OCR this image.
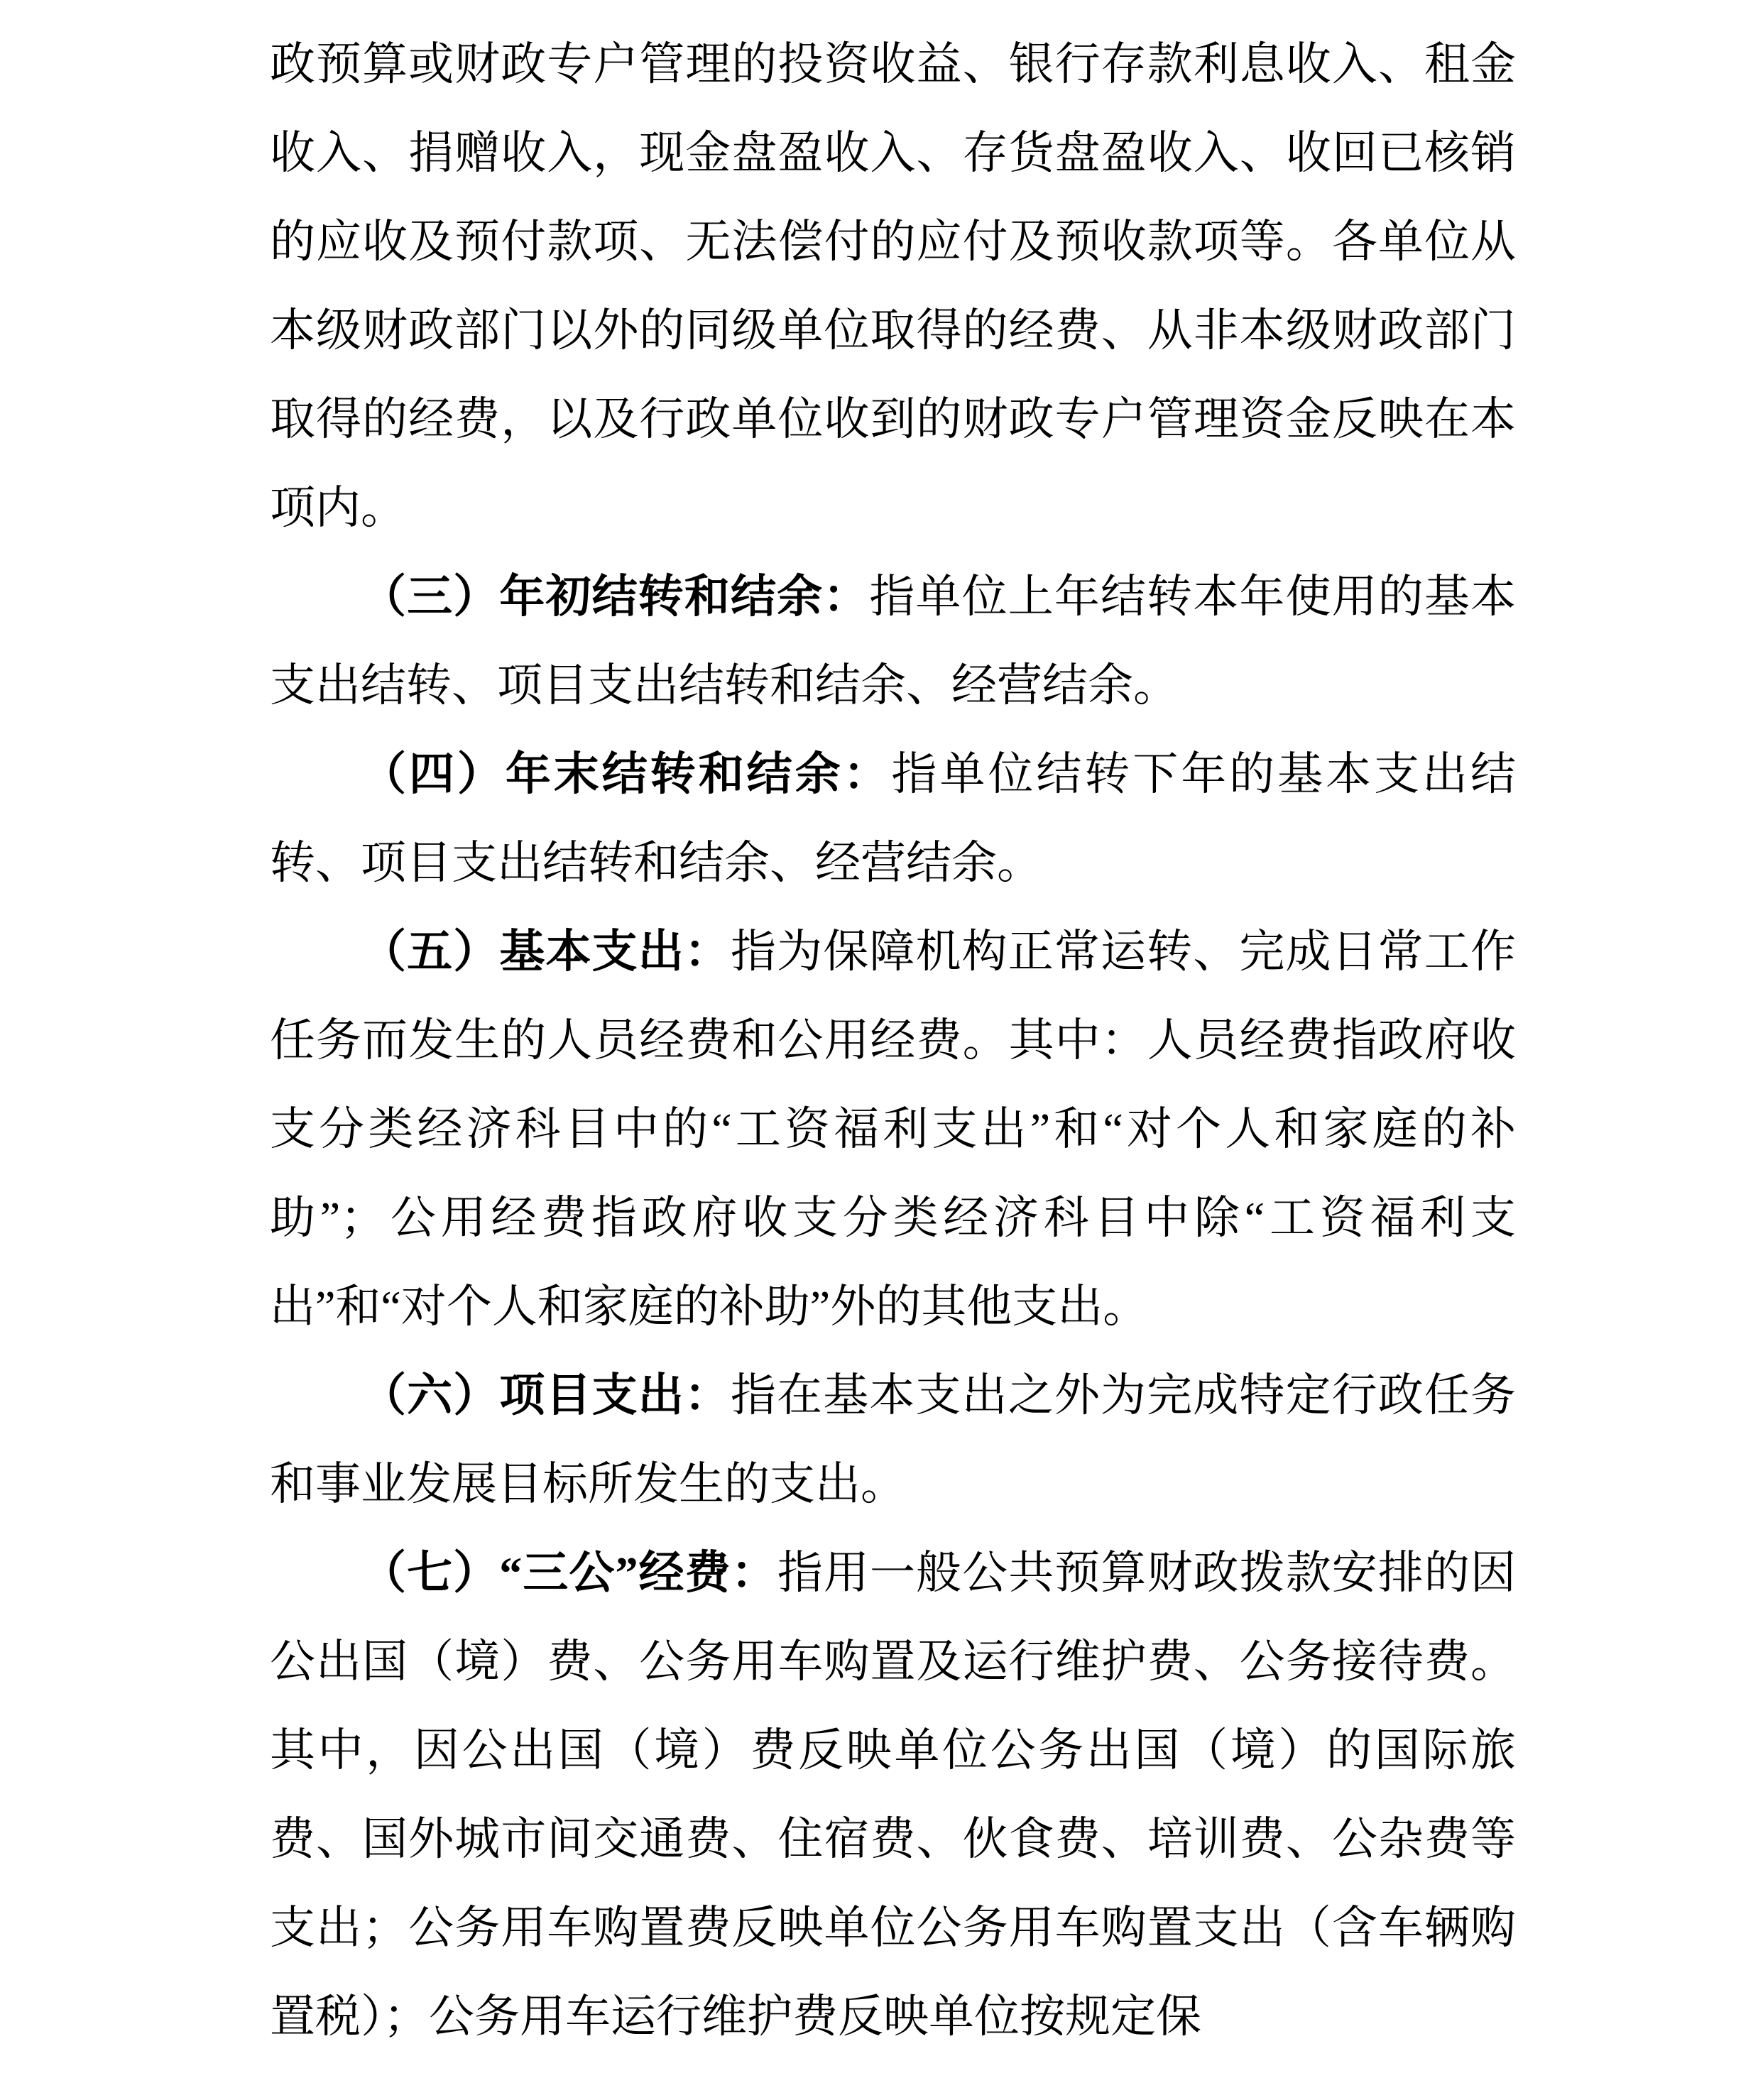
政预算或财政专户管理的投资收益、银行存款利息收入、租金收入、捐赠收入，现金盘盈收入、存货盘盈收入、收回已核销的应收及预付款项、无法偿付的应付及预收款项等。各单位从本级财政部门以外的同级单位取得的经费、从非本级财政部门取得的经费，以及行政单位收到的财政专户管理资金反映在本项内。

（三）年初结转和结余：指单位上年结转本年使用的基本支出结转、项目支出结转和结余、经营结余。

（四）年末结转和结余：指单位结转下年的基本支出结转、项目支出结转和结余、经营结余。

（五）基本支出：指为保障机构正常运转、完成日常工作任务而发生的人员经费和公用经费。其中：人员经费指政府收支分类经济科目中的“工资福利支出”和“对个人和家庭的补助”；公用经费指政府收支分类经济科目中除“工资福利支出”和“对个人和家庭的补助”外的其他支出。

（六）项目支出：指在基本支出之外为完成特定行政任务和事业发展目标所发生的支出。

（七）“三公”经费：指用一般公共预算财政拨款安排的因公出国（境）费、公务用车购置及运行维护费、公务接待费。其中，因公出国（境）费反映单位公务出国（境）的国际旅费、国外城市间交通费、住宿费、伙食费、培训费、公杂费等支出；公务用车购置费反映单位公务用车购置支出（含车辆购置税）；公务用车运行维护费反映单位按规定保
